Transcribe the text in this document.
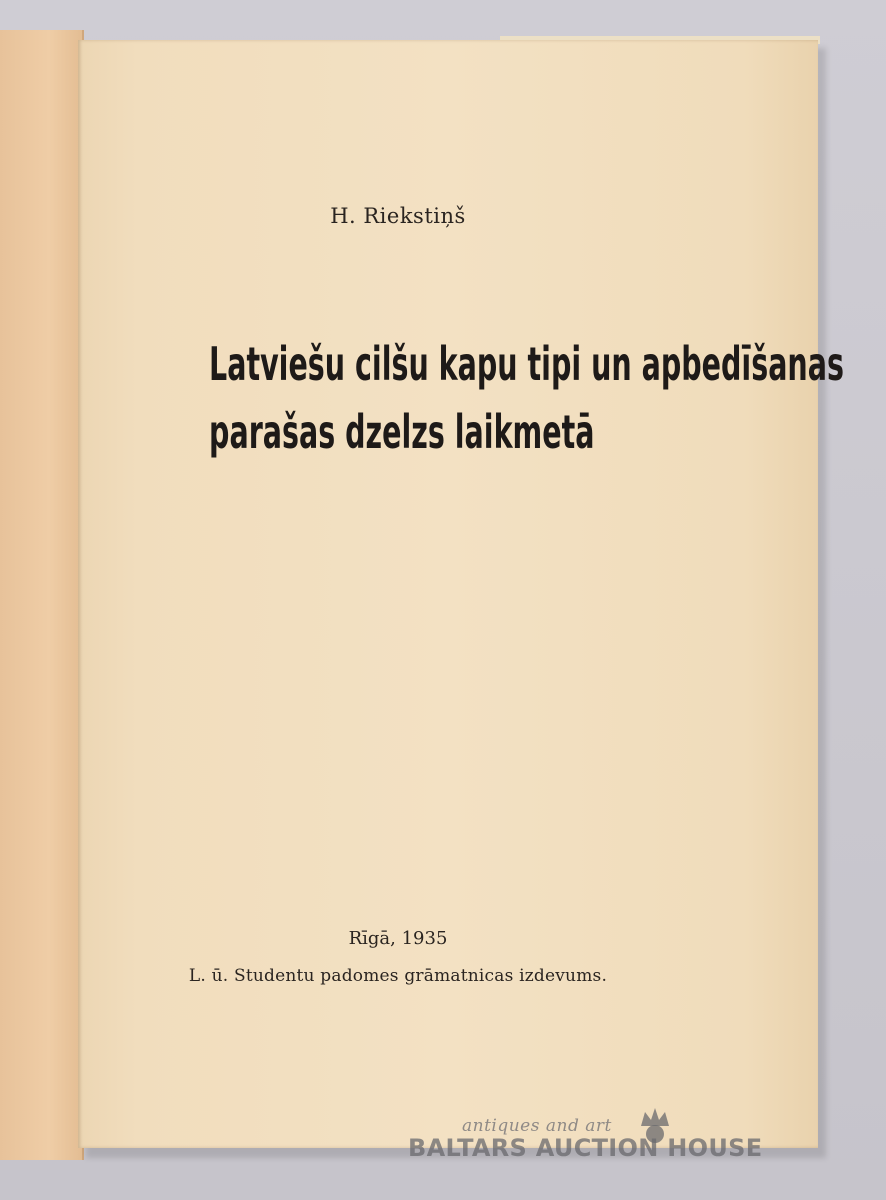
H. Riekstiņš
Latviešu cilšu kapu tipi un apbedīšanas
parašas dzelzs laikmetā
Rīgā, 1935
L. ū. Studentu padomes grāmatnicas izdevums.
antiques and art
BALTARS AUCTION HOUSE
